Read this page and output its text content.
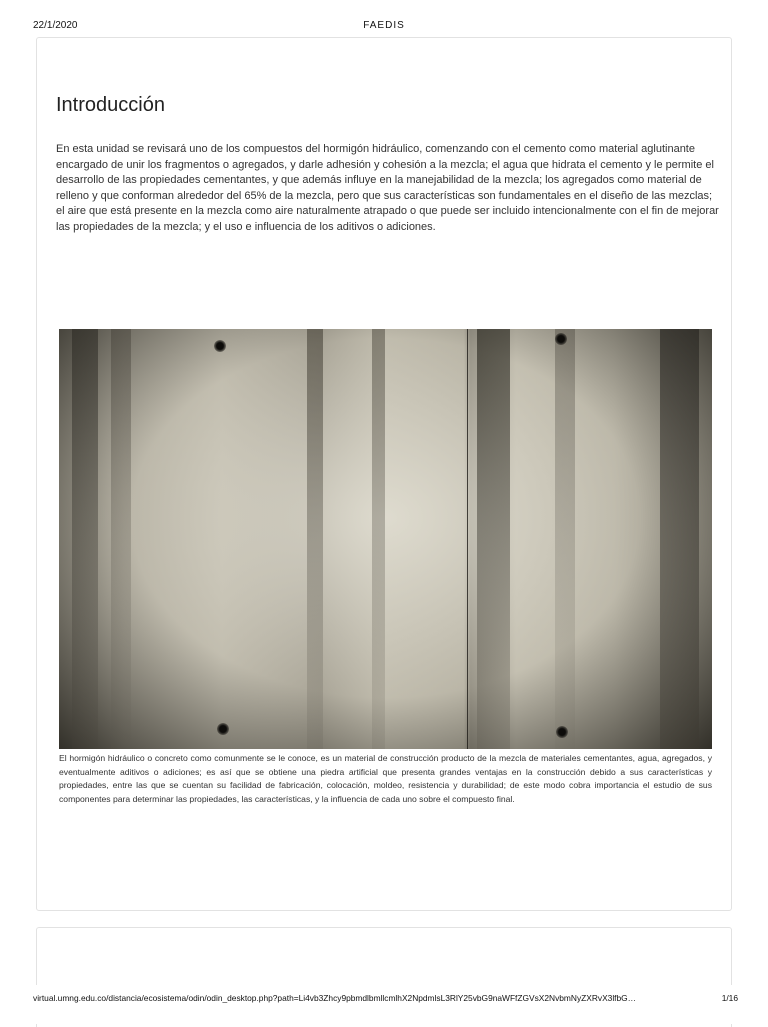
22/1/2020	FAEDIS
Introducción

En esta unidad se revisará uno de los compuestos del hormigón hidráulico, comenzando con el cemento como material aglutinante encargado de unir los fragmentos o agregados, y darle adhesión y cohesión a la mezcla; el agua que hidrata el cemento y le permite el desarrollo de las propiedades cementantes, y que además influye en la manejabilidad de la mezcla; los agregados como material de relleno y que conforman alrededor del 65% de la mezcla, pero que sus características son fundamentales en el diseño de las mezclas; el aire que está presente en la mezcla como aire naturalmente atrapado o que puede ser incluido intencionalmente con el fin de mejorar las propiedades de la mezcla; y el uso e influencia de los aditivos o adiciones.

El hormigón hidráulico o concreto como comunmente se le conoce, es un material de construcción producto de la mezcla de materiales cementantes, agua, agregados, y eventualmente aditivos o adiciones; es así que se obtiene una piedra artificial que presenta grandes ventajas en la construcción debido a sus características y propiedades, entre las que se cuentan su facilidad de fabricación, colocación, moldeo, resistencia y durabilidad; de este modo cobra importancia el estudio de sus componentes para determinar las propiedades, las características, y la influencia de cada uno sobre el compuesto final.

virtual.umng.edu.co/distancia/ecosistema/odin/odin_desktop.php?path=Li4vb3Zhcy9pbmdlbmllcmlhX2NpdmlsL3RlY25vbG9naWFfZGVsX2NvbmNyZXRvX3lfbG…	1/16
